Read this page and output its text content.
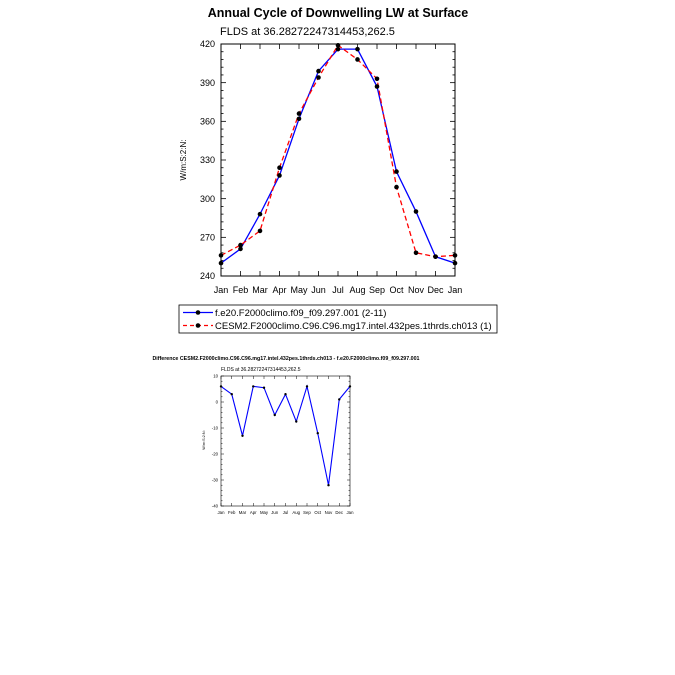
Annual Cycle of Downwelling LW at Surface
FLDS at 36.28272247314453,262.5
W/m:S:2:N:
240
270
300
330
360
390
420
Jan Feb Mar Apr May Jun Jul Aug Sep Oct Nov Dec Jan
f.e20.F2000climo.f09_f09.297.001 (2-11)
CESM2.F2000climo.C96.C96.mg17.intel.432pes.1thrds.ch013 (1)
Difference CESM2.F2000climo.C96.C96.mg17.intel.432pes.1thrds.ch013 - f.e20.F2000climo.f09_f09.297.001
FLDS at 36.28272247314453,262.5
W/m:S:2:N:
-40
-30
-20
-10
0
10
Jan Feb Mar Apr May Jun Jul Aug Sep Oct Nov Dec Jan
